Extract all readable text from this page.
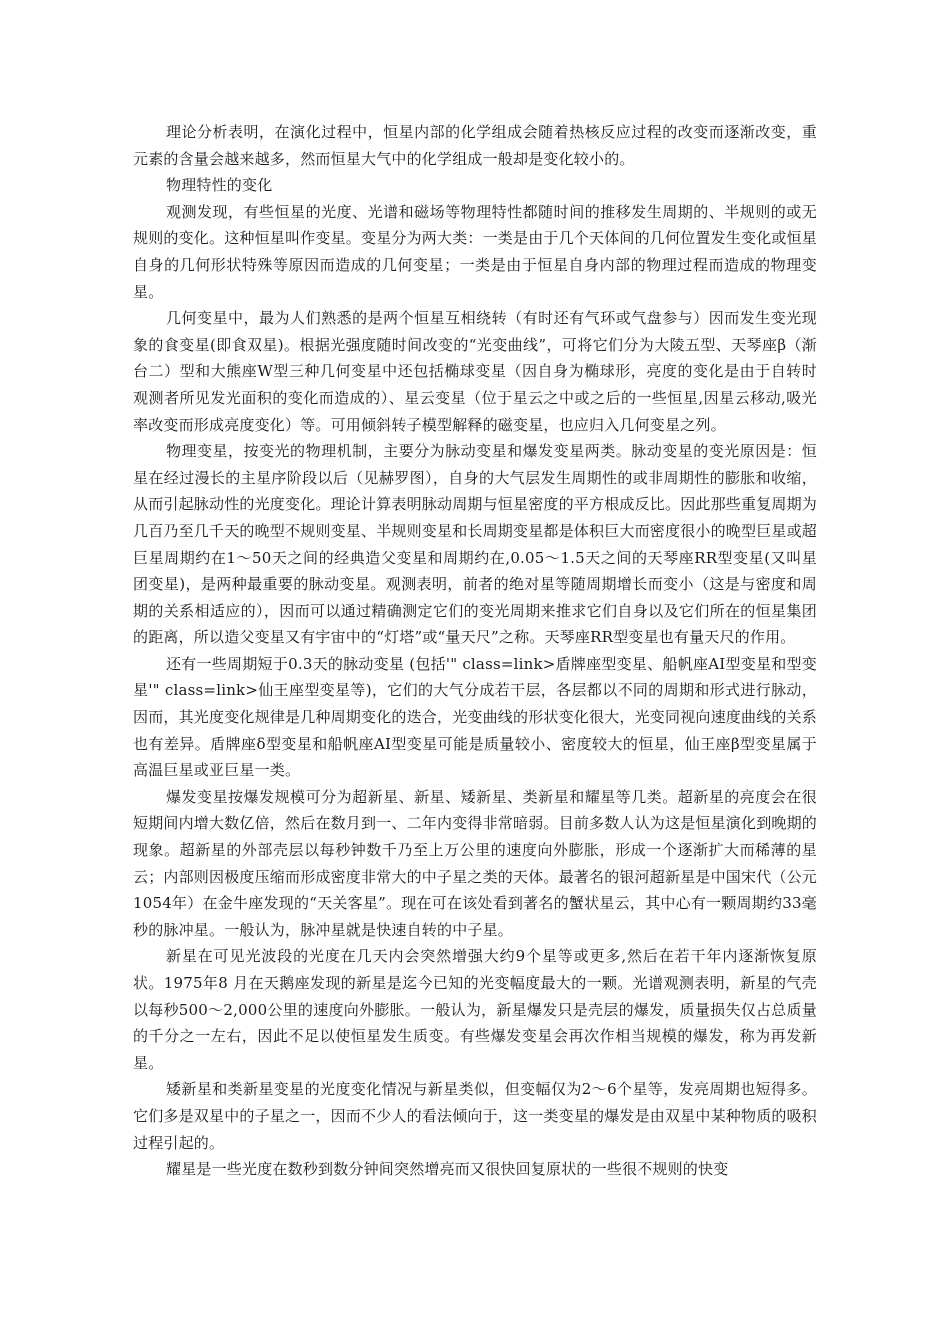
理论分析表明，在演化过程中，恒星内部的化学组成会随着热核反应过程的改变而逐渐改变，重元素的含量会越来越多，然而恒星大气中的化学组成一般却是变化较小的。

物理特性的变化

观测发现，有些恒星的光度、光谱和磁场等物理特性都随时间的推移发生周期的、半规则的或无规则的变化。这种恒星叫作变星。变星分为两大类：一类是由于几个天体间的几何位置发生变化或恒星自身的几何形状特殊等原因而造成的几何变星；一类是由于恒星自身内部的物理过程而造成的物理变星。

几何变星中，最为人们熟悉的是两个恒星互相绕转（有时还有气环或气盘参与）因而发生变光现象的食变星(即食双星)。根据光强度随时间改变的“光变曲线”，可将它们分为大陵五型、天琴座β（渐台二）型和大熊座W型三种几何变星中还包括椭球变星（因自身为椭球形，亮度的变化是由于自转时观测者所见发光面积的变化而造成的）、星云变星（位于星云之中或之后的一些恒星,因星云移动,吸光率改变而形成亮度变化）等。可用倾斜转子模型解释的磁变星，也应归入几何变星之列。

物理变星，按变光的物理机制，主要分为脉动变星和爆发变星两类。脉动变星的变光原因是：恒星在经过漫长的主星序阶段以后（见赫罗图），自身的大气层发生周期性的或非周期性的膨胀和收缩，从而引起脉动性的光度变化。理论计算表明脉动周期与恒星密度的平方根成反比。因此那些重复周期为几百乃至几千天的晚型不规则变星、半规则变星和长周期变星都是体积巨大而密度很小的晚型巨星或超巨星周期约在1～50天之间的经典造父变星和周期约在,0.05～1.5天之间的天琴座RR型变星(又叫星团变星)，是两种最重要的脉动变星。观测表明，前者的绝对星等随周期增长而变小（这是与密度和周期的关系相适应的），因而可以通过精确测定它们的变光周期来推求它们自身以及它们所在的恒星集团的距离，所以造父变星又有宇宙中的“灯塔”或“量天尺”之称。天琴座RR型变星也有量天尺的作用。

还有一些周期短于0.3天的脉动变星 (包括'" class=link>盾牌座型变星、船帆座AI型变星和型变星'" class=link>仙王座型变星等)，它们的大气分成若干层，各层都以不同的周期和形式进行脉动，因而，其光度变化规律是几种周期变化的迭合，光变曲线的形状变化很大，光变同视向速度曲线的关系也有差异。盾牌座δ型变星和船帆座AI型变星可能是质量较小、密度较大的恒星，仙王座β型变星属于高温巨星或亚巨星一类。

爆发变星按爆发规模可分为超新星、新星、矮新星、类新星和耀星等几类。超新星的亮度会在很短期间内增大数亿倍，然后在数月到一、二年内变得非常暗弱。目前多数人认为这是恒星演化到晚期的现象。超新星的外部壳层以每秒钟数千乃至上万公里的速度向外膨胀，形成一个逐渐扩大而稀薄的星云；内部则因极度压缩而形成密度非常大的中子星之类的天体。最著名的银河超新星是中国宋代（公元1054年）在金牛座发现的“天关客星”。现在可在该处看到著名的蟹状星云，其中心有一颗周期约33毫秒的脉冲星。一般认为，脉冲星就是快速自转的中子星。

新星在可见光波段的光度在几天内会突然增强大约9个星等或更多,然后在若干年内逐渐恢复原状。1975年8 月在天鹅座发现的新星是迄今已知的光变幅度最大的一颗。光谱观测表明，新星的气壳以每秒500～2,000公里的速度向外膨胀。一般认为，新星爆发只是壳层的爆发，质量损失仅占总质量的千分之一左右，因此不足以使恒星发生质变。有些爆发变星会再次作相当规模的爆发，称为再发新星。

矮新星和类新星变星的光度变化情况与新星类似，但变幅仅为2～6个星等，发亮周期也短得多。它们多是双星中的子星之一，因而不少人的看法倾向于，这一类变星的爆发是由双星中某种物质的吸积过程引起的。

耀星是一些光度在数秒到数分钟间突然增亮而又很快回复原状的一些很不规则的快变
